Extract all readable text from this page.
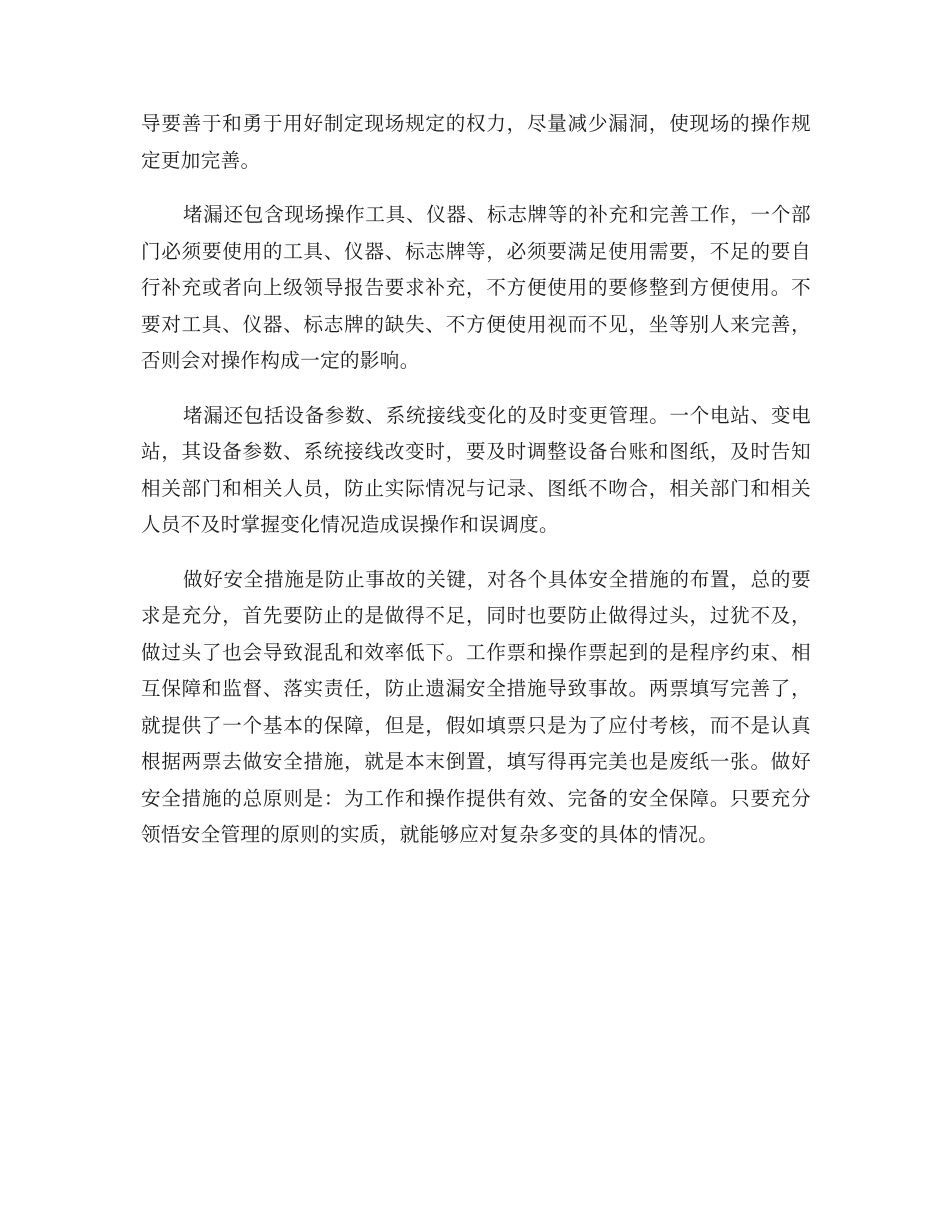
导要善于和勇于用好制定现场规定的权力，尽量减少漏洞，使现场的操作规定更加完善。

堵漏还包含现场操作工具、仪器、标志牌等的补充和完善工作，一个部门必须要使用的工具、仪器、标志牌等，必须要满足使用需要，不足的要自行补充或者向上级领导报告要求补充，不方便使用的要修整到方便使用。不要对工具、仪器、标志牌的缺失、不方便使用视而不见，坐等别人来完善，否则会对操作构成一定的影响。

堵漏还包括设备参数、系统接线变化的及时变更管理。一个电站、变电站，其设备参数、系统接线改变时，要及时调整设备台账和图纸，及时告知相关部门和相关人员，防止实际情况与记录、图纸不吻合，相关部门和相关人员不及时掌握变化情况造成误操作和误调度。

做好安全措施是防止事故的关键，对各个具体安全措施的布置，总的要求是充分，首先要防止的是做得不足，同时也要防止做得过头，过犹不及，做过头了也会导致混乱和效率低下。工作票和操作票起到的是程序约束、相互保障和监督、落实责任，防止遗漏安全措施导致事故。两票填写完善了，就提供了一个基本的保障，但是，假如填票只是为了应付考核，而不是认真根据两票去做安全措施，就是本末倒置，填写得再完美也是废纸一张。做好安全措施的总原则是：为工作和操作提供有效、完备的安全保障。只要充分领悟安全管理的原则的实质，就能够应对复杂多变的具体的情况。
